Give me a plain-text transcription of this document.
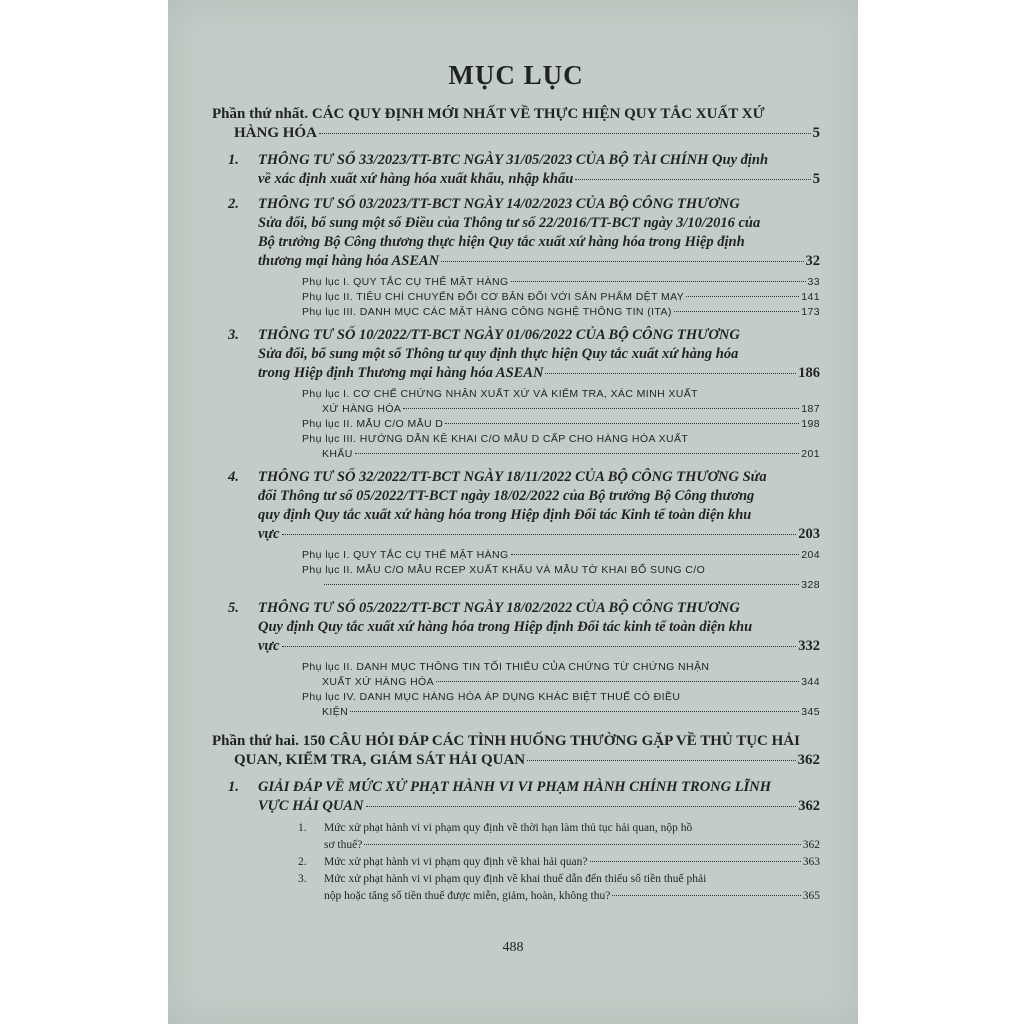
MỤC LỤC
Phần thứ nhất. CÁC QUY ĐỊNH MỚI NHẤT VỀ THỰC HIỆN QUY TẮC XUẤT XỨ
HÀNG HÓA	5
1. THÔNG TƯ SỐ 33/2023/TT-BTC NGÀY 31/05/2023 CỦA BỘ TÀI CHÍNH Quy định
về xác định xuất xứ hàng hóa xuất khẩu, nhập khẩu	5
2. THÔNG TƯ SỐ 03/2023/TT-BCT NGÀY 14/02/2023 CỦA BỘ CÔNG THƯƠNG
Sửa đổi, bổ sung một số Điều của Thông tư số 22/2016/TT-BCT ngày 3/10/2016 của
Bộ trưởng Bộ Công thương thực hiện Quy tắc xuất xứ hàng hóa trong Hiệp định
thương mại hàng hóa ASEAN	32
Phụ lục I. QUY TẮC CỤ THỂ MẶT HÀNG	33
Phụ lục II. TIÊU CHÍ CHUYỂN ĐỔI CƠ BẢN ĐỐI VỚI SẢN PHẨM DỆT MAY	141
Phụ lục III. DANH MỤC CÁC MẶT HÀNG CÔNG NGHỆ THÔNG TIN (ITA)	173
3. THÔNG TƯ SỐ 10/2022/TT-BCT NGÀY 01/06/2022 CỦA BỘ CÔNG THƯƠNG
Sửa đổi, bổ sung một số Thông tư quy định thực hiện Quy tắc xuất xứ hàng hóa
trong Hiệp định Thương mại hàng hóa ASEAN	186
Phụ lục I. CƠ CHẾ CHỨNG NHẬN XUẤT XỨ VÀ KIỂM TRA, XÁC MINH XUẤT
XỨ HÀNG HÓA	187
Phụ lục II. MẪU C/O MẪU D	198
Phụ lục III. HƯỚNG DẪN KÊ KHAI C/O MẪU D CẤP CHO HÀNG HÓA XUẤT
KHẨU	201
4. THÔNG TƯ SỐ 32/2022/TT-BCT NGÀY 18/11/2022 CỦA BỘ CÔNG THƯƠNG Sửa
đổi Thông tư số 05/2022/TT-BCT ngày 18/02/2022 của Bộ trưởng Bộ Công thương
quy định Quy tắc xuất xứ hàng hóa trong Hiệp định Đối tác Kinh tế toàn diện khu
vực	203
Phụ lục I. QUY TẮC CỤ THỂ MẶT HÀNG	204
Phụ lục II. MẪU C/O MẪU RCEP XUẤT KHẨU VÀ MẪU TỜ KHAI BỔ SUNG C/O
328
5. THÔNG TƯ SỐ 05/2022/TT-BCT NGÀY 18/02/2022 CỦA BỘ CÔNG THƯƠNG
Quy định Quy tắc xuất xứ hàng hóa trong Hiệp định Đối tác kinh tế toàn diện khu
vực	332
Phụ lục II. DANH MỤC THÔNG TIN TỐI THIỂU CỦA CHỨNG TỪ CHỨNG NHẬN
XUẤT XỨ HÀNG HÓA	344
Phụ lục IV. DANH MỤC HÀNG HÓA ÁP DỤNG KHÁC BIỆT THUẾ CÓ ĐIỀU
KIỆN	345
Phần thứ hai. 150 CÂU HỎI ĐÁP CÁC TÌNH HUỐNG THƯỜNG GẶP VỀ THỦ TỤC HẢI
QUAN, KIỂM TRA, GIÁM SÁT HẢI QUAN	362
1. GIẢI ĐÁP VỀ MỨC XỬ PHẠT HÀNH VI VI PHẠM HÀNH CHÍNH TRONG LĨNH
VỰC HẢI QUAN	362
1. Mức xử phạt hành vi vi phạm quy định về thời hạn làm thủ tục hải quan, nộp hồ
sơ thuế?	362
2. Mức xử phạt hành vi vi phạm quy định về khai hải quan?	363
3. Mức xử phạt hành vi vi phạm quy định về khai thuế dẫn đến thiếu số tiền thuế phải
nộp hoặc tăng số tiền thuế được miễn, giảm, hoàn, không thu?	365
488
